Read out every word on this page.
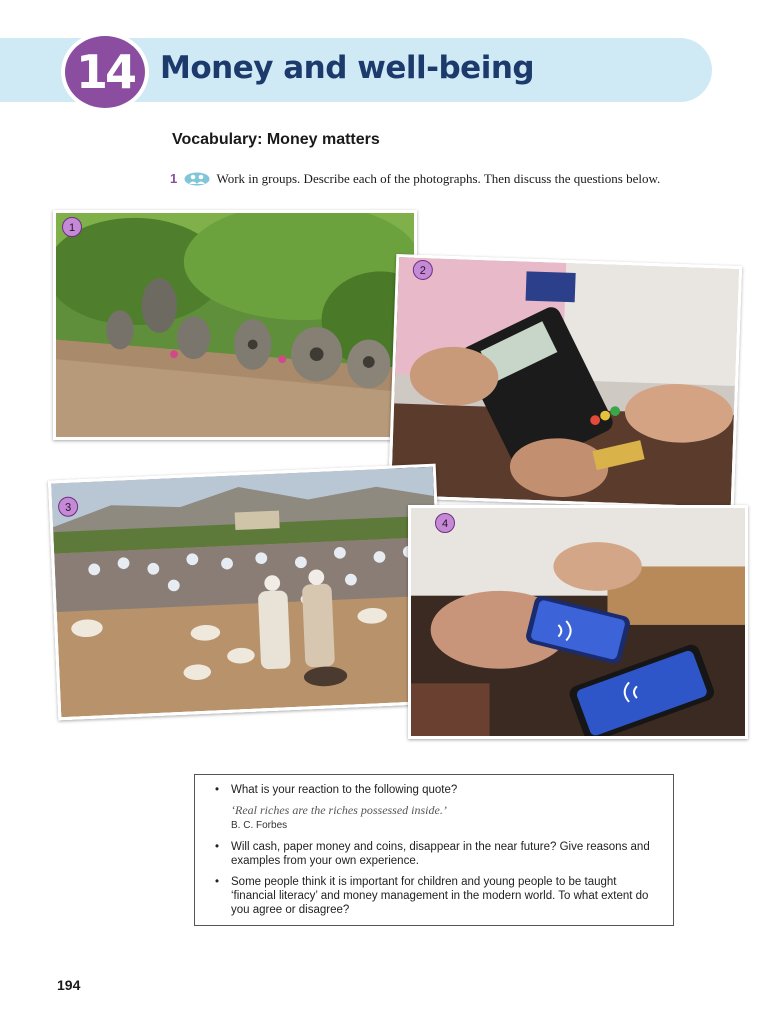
14 Money and well-being
Vocabulary: Money matters
1	Work in groups. Describe each of the photographs. Then discuss the questions below.
1
2
3
4
• What is your reaction to the following quote?
‘Real riches are the riches possessed inside.’
B. C. Forbes
• Will cash, paper money and coins, disappear in the near future? Give reasons and examples from your own experience.
• Some people think it is important for children and young people to be taught ‘financial literacy’ and money management in the modern world. To what extent do you agree or disagree?
194
